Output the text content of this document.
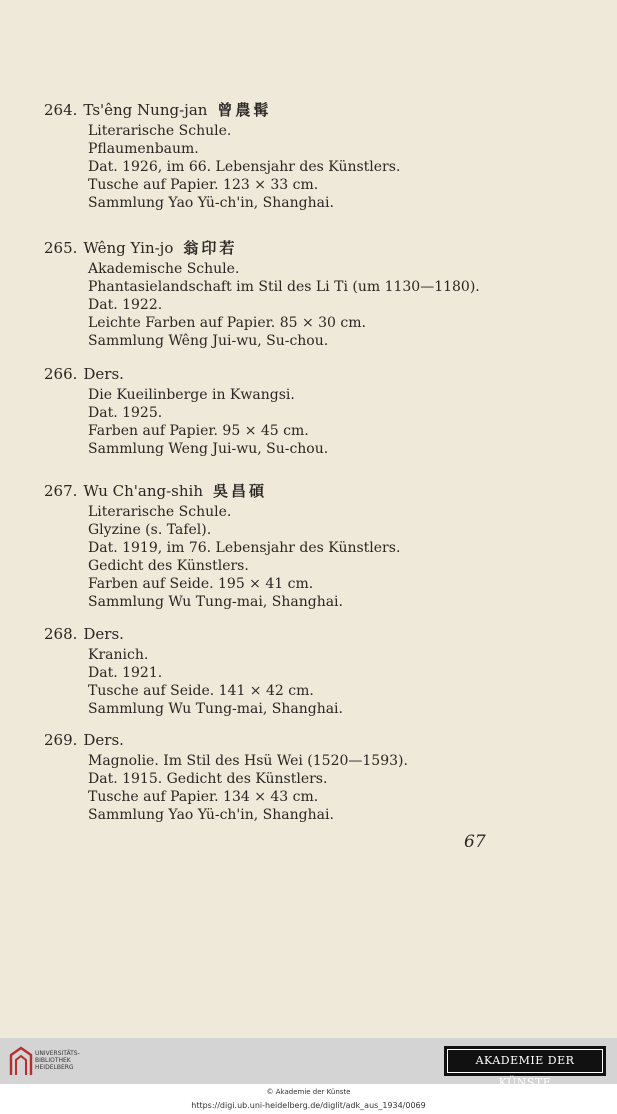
264. Ts'êng Nung-jan 曾農髯
Literarische Schule.
Pflaumenbaum.
Dat. 1926, im 66. Lebensjahr des Künstlers.
Tusche auf Papier. 123 × 33 cm.
Sammlung Yao Yü-ch'in, Shanghai.
265. Wêng Yin-jo 翁印若
Akademische Schule.
Phantasielandschaft im Stil des Li Ti (um 1130—1180).
Dat. 1922.
Leichte Farben auf Papier. 85 × 30 cm.
Sammlung Wêng Jui-wu, Su-chou.
266. Ders.
Die Kueilinberge in Kwangsi.
Dat. 1925.
Farben auf Papier. 95 × 45 cm.
Sammlung Weng Jui-wu, Su-chou.
267. Wu Ch'ang-shih 吳昌碩
Literarische Schule.
Glyzine (s. Tafel).
Dat. 1919, im 76. Lebensjahr des Künstlers.
Gedicht des Künstlers.
Farben auf Seide. 195 × 41 cm.
Sammlung Wu Tung-mai, Shanghai.
268. Ders.
Kranich.
Dat. 1921.
Tusche auf Seide. 141 × 42 cm.
Sammlung Wu Tung-mai, Shanghai.
269. Ders.
Magnolie. Im Stil des Hsü Wei (1520—1593).
Dat. 1915. Gedicht des Künstlers.
Tusche auf Papier. 134 × 43 cm.
Sammlung Yao Yü-ch'in, Shanghai.
67
UNIVERSITÄTS-
BIBLIOTHEK
HEIDELBERG
AKADEMIE DER KÜNSTE
© Akademie der Künste
https://digi.ub.uni-heidelberg.de/diglit/adk_aus_1934/0069
